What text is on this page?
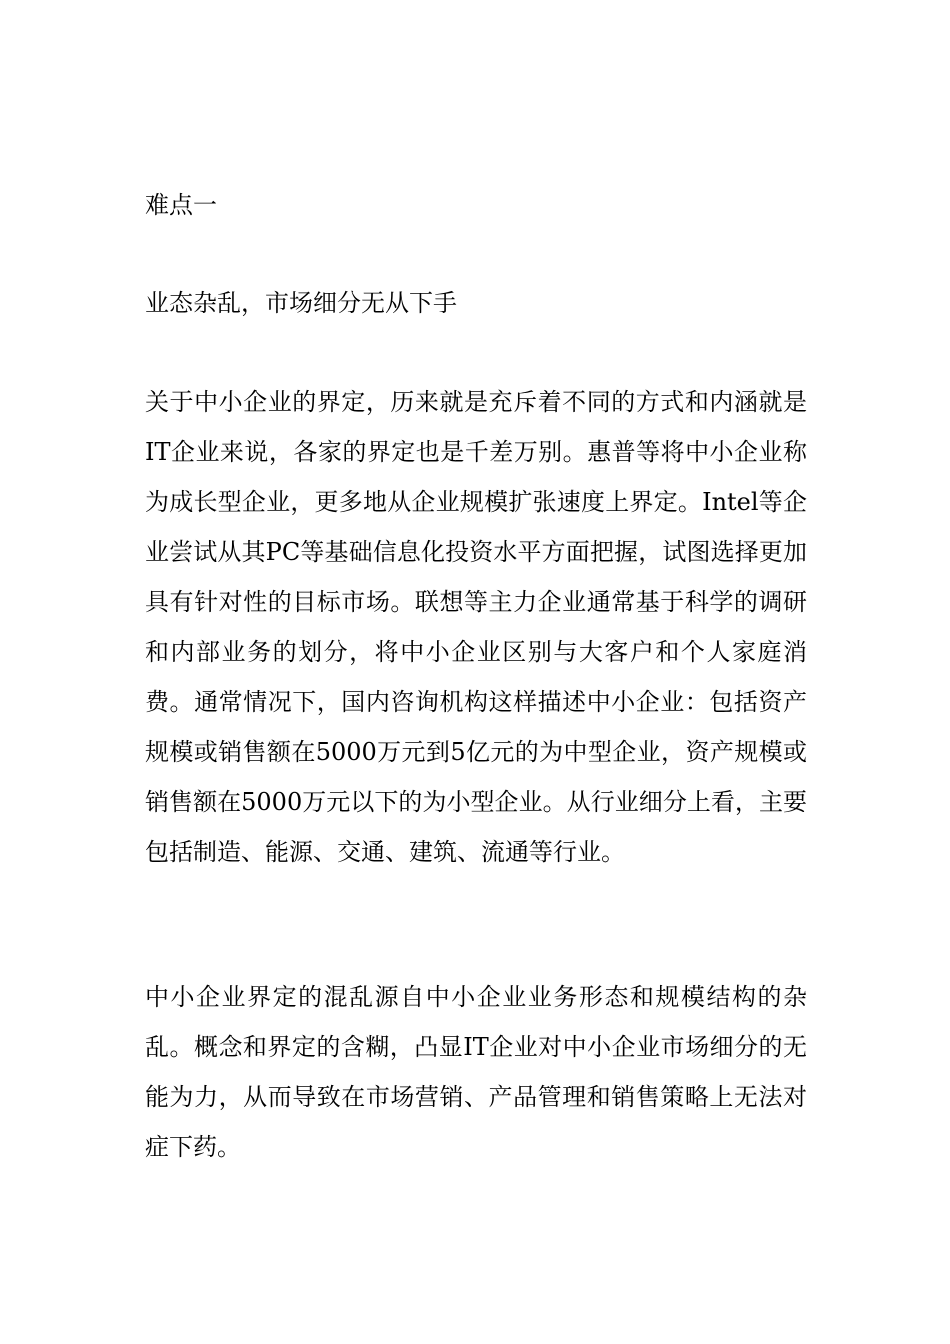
难点一

业态杂乱，市场细分无从下手

关于中小企业的界定，历来就是充斥着不同的方式和内涵就是IT企业来说，各家的界定也是千差万别。惠普等将中小企业称为成长型企业，更多地从企业规模扩张速度上界定。Intel等企业尝试从其PC等基础信息化投资水平方面把握，试图选择更加具有针对性的目标市场。联想等主力企业通常基于科学的调研和内部业务的划分，将中小企业区别与大客户和个人家庭消费。通常情况下，国内咨询机构这样描述中小企业：包括资产规模或销售额在5000万元到5亿元的为中型企业，资产规模或销售额在5000万元以下的为小型企业。从行业细分上看，主要包括制造、能源、交通、建筑、流通等行业。

中小企业界定的混乱源自中小企业业务形态和规模结构的杂乱。概念和界定的含糊，凸显IT企业对中小企业市场细分的无能为力，从而导致在市场营销、产品管理和销售策略上无法对症下药。
